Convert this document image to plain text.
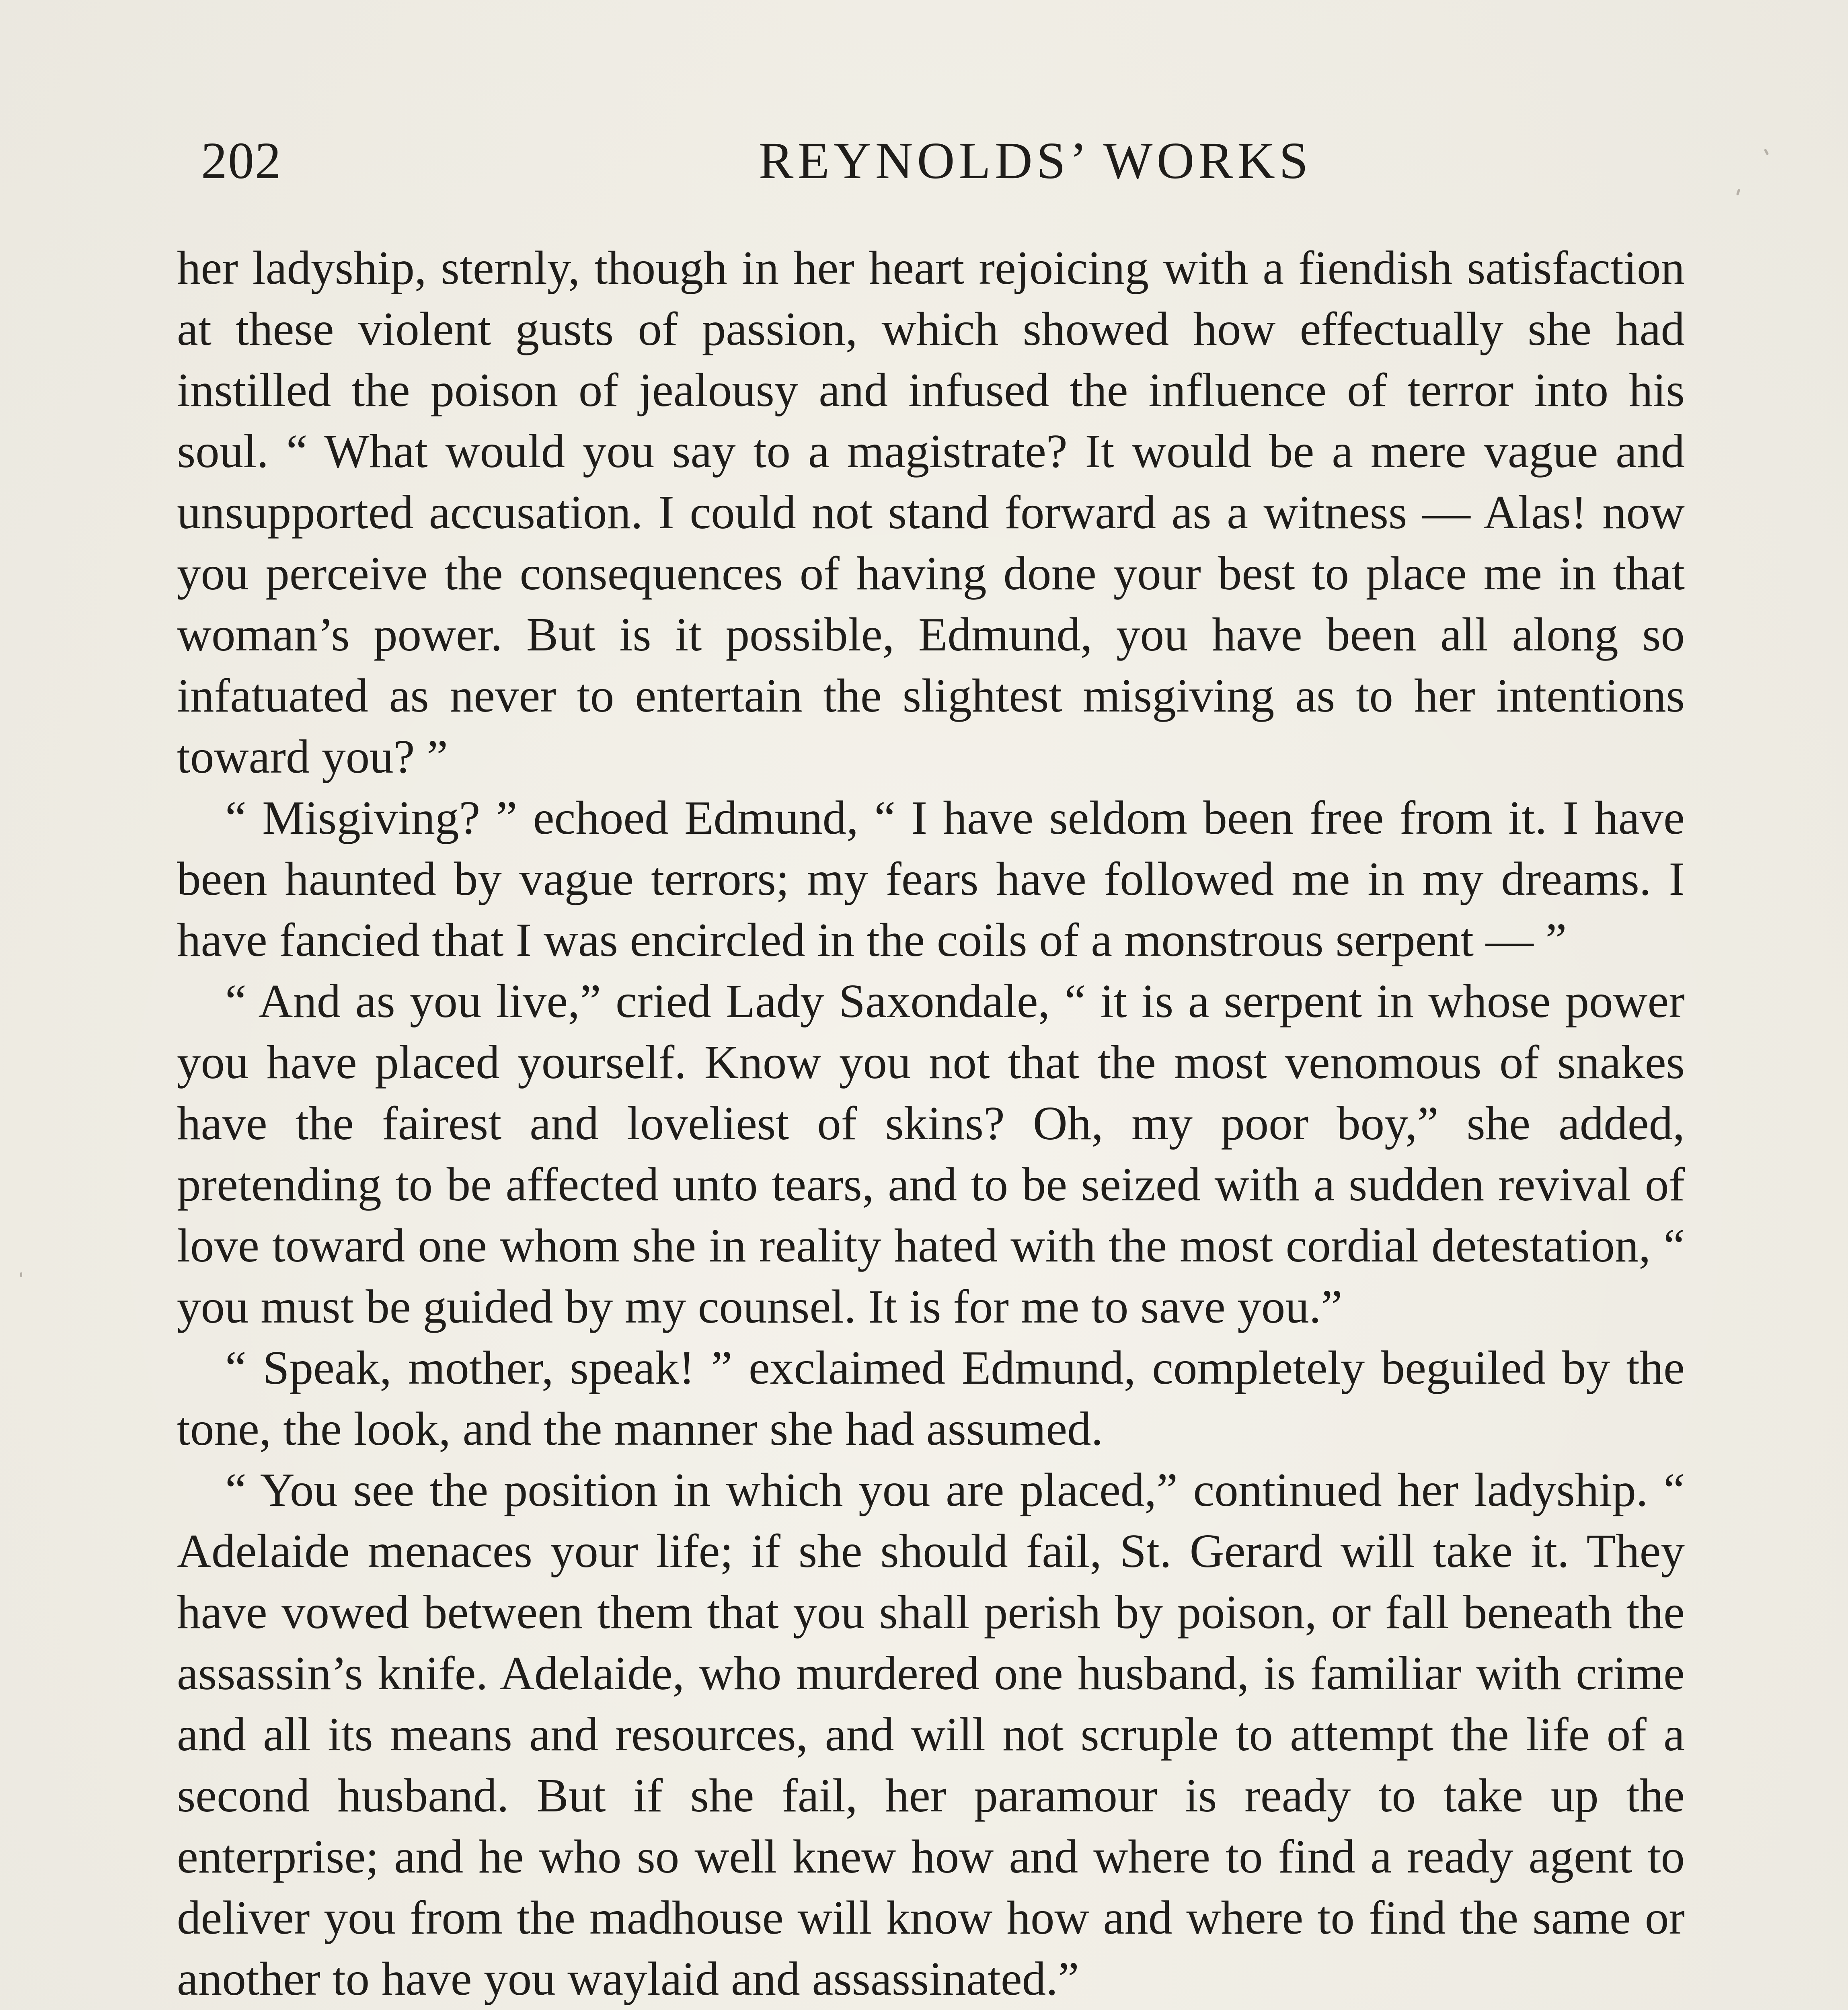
202	REYNOLDS’ WORKS

her ladyship, sternly, though in her heart rejoicing with a fiendish satisfaction at these violent gusts of passion, which showed how effectually she had instilled the poison of jealousy and infused the influence of terror into his soul. “ What would you say to a magistrate? It would be a mere vague and unsupported accusation. I could not stand forward as a witness — Alas! now you perceive the consequences of having done your best to place me in that woman’s power. But is it possible, Edmund, you have been all along so infatuated as never to entertain the slightest misgiving as to her intentions toward you? ”

“ Misgiving? ” echoed Edmund, “ I have seldom been free from it. I have been haunted by vague terrors; my fears have followed me in my dreams. I have fancied that I was encircled in the coils of a monstrous serpent — ”

“ And as you live,” cried Lady Saxondale, “ it is a serpent in whose power you have placed yourself. Know you not that the most venomous of snakes have the fairest and loveliest of skins? Oh, my poor boy,” she added, pretending to be affected unto tears, and to be seized with a sudden revival of love toward one whom she in reality hated with the most cordial detestation, “ you must be guided by my counsel. It is for me to save you.”

“ Speak, mother, speak! ” exclaimed Edmund, completely beguiled by the tone, the look, and the manner she had assumed.

“ You see the position in which you are placed,” continued her ladyship. “ Adelaide menaces your life; if she should fail, St. Gerard will take it. They have vowed between them that you shall perish by poison, or fall beneath the assassin’s knife. Adelaide, who murdered one husband, is familiar with crime and all its means and resources, and will not scruple to attempt the life of a second husband. But if she fail, her paramour is ready to take up the enterprise; and he who so well knew how and where to find a ready agent to deliver you from the madhouse will know how and where to find the same or another to have you waylaid and assassinated.”
